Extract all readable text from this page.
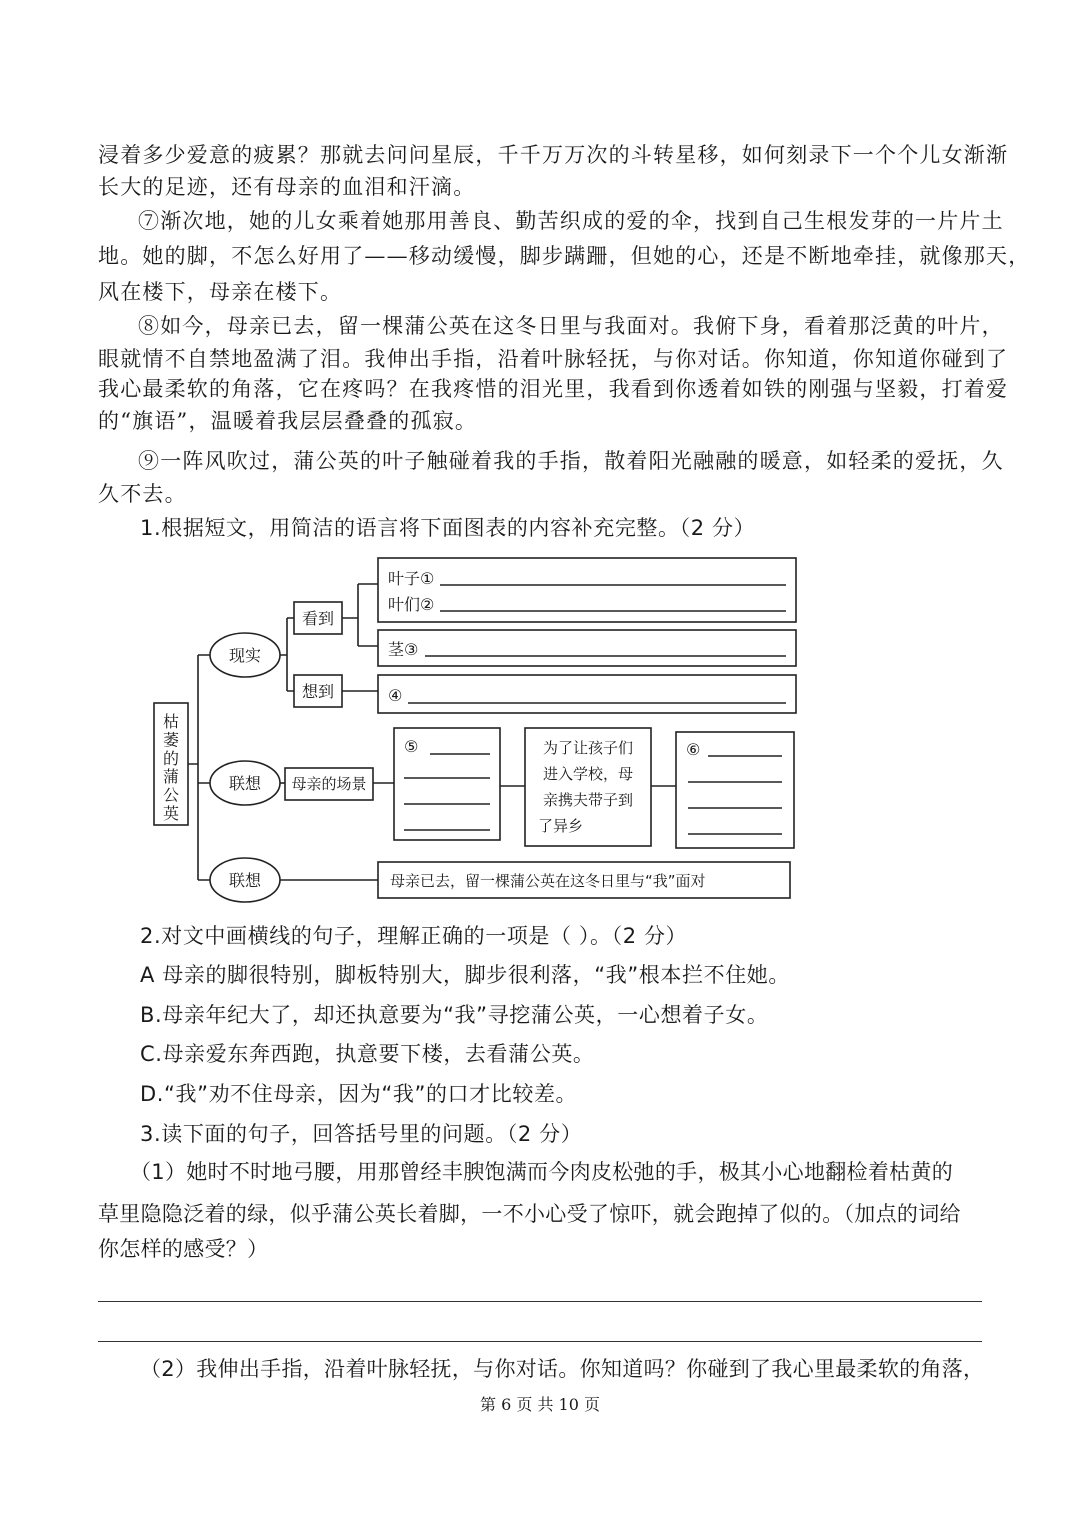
浸着多少爱意的疲累？那就去问问星辰，千千万万次的斗转星移，如何刻录下一个个儿女渐渐
长大的足迹，还有母亲的血泪和汗滴。
⑦渐次地，她的儿女乘着她那用善良、勤苦织成的爱的伞，找到自己生根发芽的一片片土
地。她的脚，不怎么好用了——移动缓慢，脚步蹒跚，但她的心，还是不断地牵挂，就像那天，
风在楼下，母亲在楼下。
⑧如今，母亲已去，留一棵蒲公英在这冬日里与我面对。我俯下身，看着那泛黄的叶片，
眼就情不自禁地盈满了泪。我伸出手指，沿着叶脉轻抚，与你对话。你知道，你知道你碰到了
我心最柔软的角落，它在疼吗？在我疼惜的泪光里，我看到你透着如铁的刚强与坚毅，打着爱
的“旗语”，温暖着我层层叠叠的孤寂。
⑨一阵风吹过，蒲公英的叶子触碰着我的手指，散着阳光融融的暖意，如轻柔的爱抚，久
久不去。
1.根据短文，用简洁的语言将下面图表的内容补充完整。（2 分）
枯
萎
的
蒲
公
英
现实
联想
联想
看到
想到
叶子①
叶们②
茎③
④
母亲的场景
⑤	为了让孩子们
进入学校，母
亲携夫带子到
了异乡
⑥
母亲已去，留一棵蒲公英在这冬日里与“我”面对
2.对文中画横线的句子，理解正确的一项是（ ）。（2 分）
A 母亲的脚很特别，脚板特别大，脚步很利落，“我”根本拦不住她。
B.母亲年纪大了，却还执意要为“我”寻挖蒲公英，一心想着子女。
C.母亲爱东奔西跑，执意要下楼，去看蒲公英。
D.“我”劝不住母亲，因为“我”的口才比较差。
3.读下面的句子，回答括号里的问题。（2 分）
（1）她时不时地弓腰，用那曾经丰腴饱满而今肉皮松弛的手，极其小心地翻检着枯黄的
草里隐隐泛着的绿，似乎蒲公英长着脚，一不小心受了惊吓，就会跑掉了似的。（加点的词给
你怎样的感受？）
（2）我伸出手指，沿着叶脉轻抚，与你对话。你知道吗？你碰到了我心里最柔软的角落，
第 6 页 共 10 页
